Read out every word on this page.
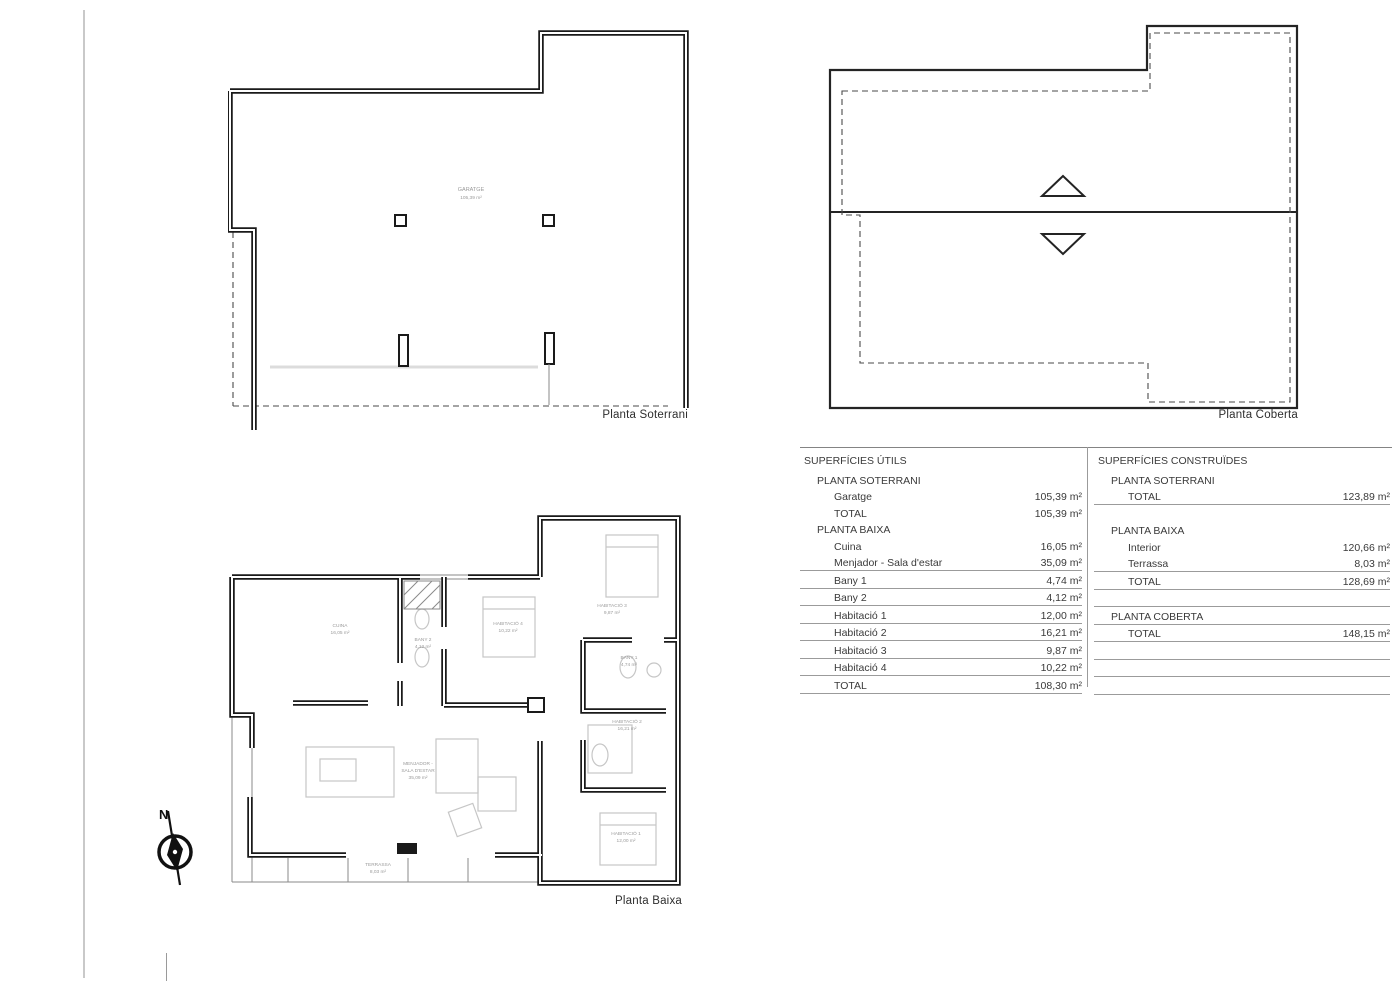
GARATGE
105,39 m²
Planta Soterrani	Planta Coberta
CUINA
16,05 m²
BANY 2
4,12 m²
HABITACIÓ 4
10,22 m²
HABITACIÓ 3
9,87 m²
BANY 1
4,74 m²
HABITACIÓ 2
16,21 m²
HABITACIÓ 1
12,00 m²
MENJADOR -
SALA D'ESTAR
35,09 m²
TERRASSA
8,03 m²
Planta Baixa
N
SUPERFÍCIES ÚTILS
PLANTA SOTERRANI
Garatge	105,39 m²
TOTAL	105,39 m²
PLANTA BAIXA
Cuina	16,05 m²
Menjador - Sala d'estar	35,09 m²
Bany 1	4,74 m²
Bany 2	4,12 m²
Habitació 1	12,00 m²
Habitació 2	16,21 m²
Habitació 3	9,87 m²
Habitació 4	10,22 m²
TOTAL	108,30 m²
SUPERFÍCIES CONSTRUÏDES
PLANTA SOTERRANI
TOTAL	123,89 m²
PLANTA BAIXA
Interior	120,66 m²
Terrassa	8,03 m²
TOTAL	128,69 m²
PLANTA COBERTA
TOTAL	148,15 m²
